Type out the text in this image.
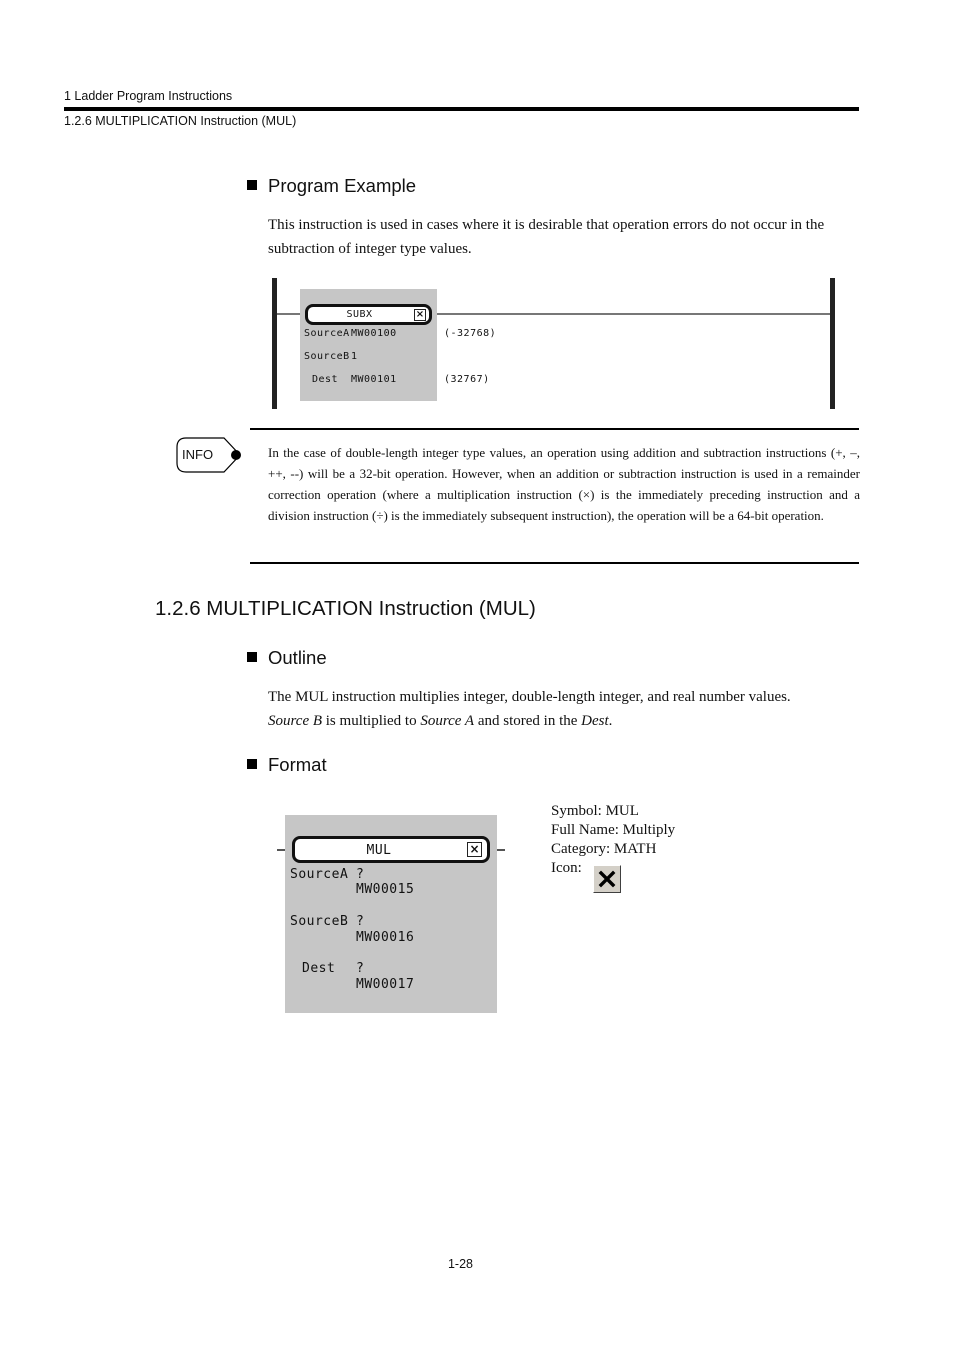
1 Ladder Program Instructions
1.2.6 MULTIPLICATION Instruction (MUL)
Program Example
This instruction is used in cases where it is desirable that operation errors do not occur in the subtraction of integer type values.
SUBX	×
SourceA MW00100
SourceB 1
Dest MW00101
(-32768)
(32767)
INFO	In the case of double-length integer type values, an operation using addition and subtraction instructions (+, –, ++, --) will be a 32-bit operation. However, when an addition or subtraction instruction is used in a remainder correction operation (where a multiplication instruction (×) is the immediately preceding instruction and a division instruction (÷) is the immediately subsequent instruction), the operation will be a 64-bit operation.
1.2.6 MULTIPLICATION Instruction (MUL)
Outline
The MUL instruction multiplies integer, double-length integer, and real number values.
Source B is multiplied to Source A and stored in the Dest.
Format
MUL	×
SourceA ?
MW00015
SourceB ?
MW00016
Dest ?
MW00017
Symbol: MUL
Full Name: Multiply
Category: MATH
Icon:
1-28
